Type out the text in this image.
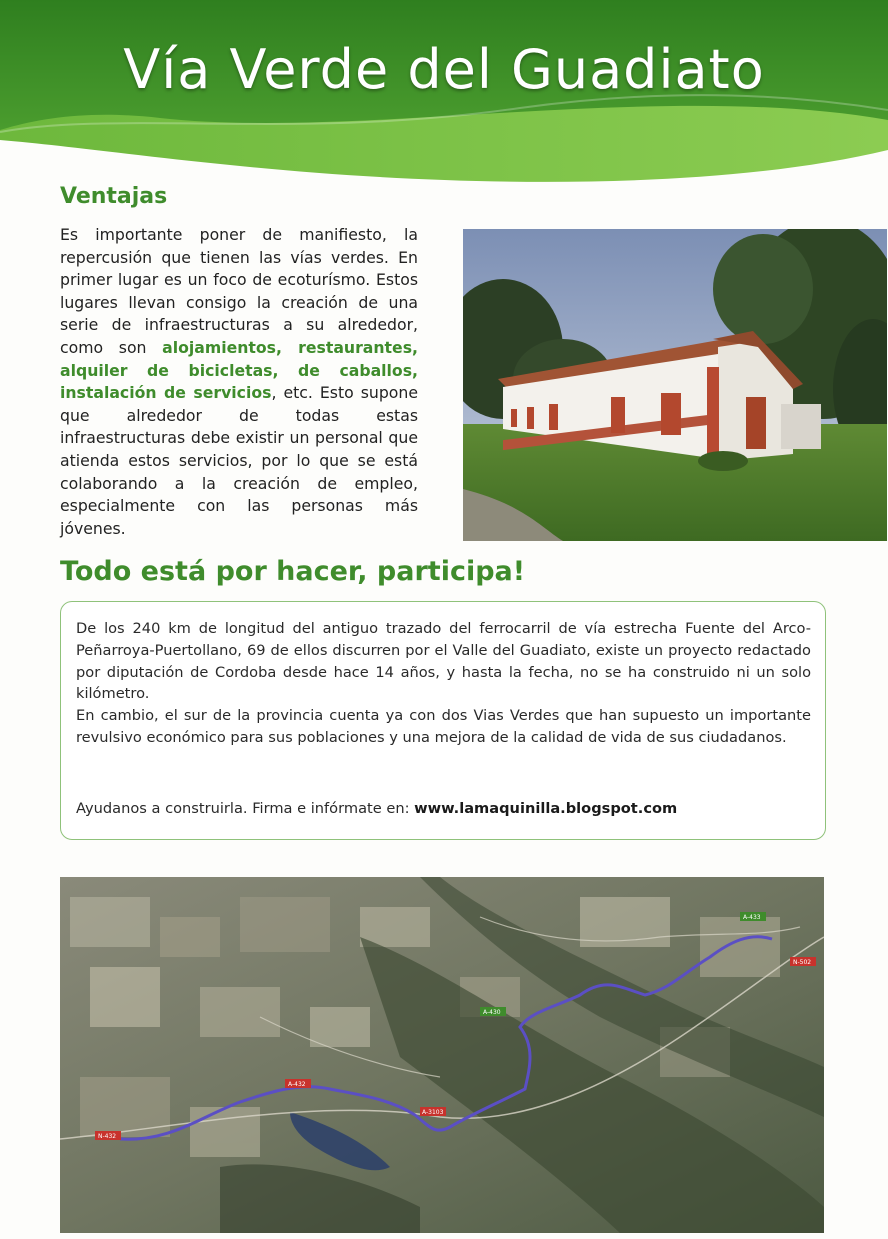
Vía Verde del Guadiato
Ventajas
Es importante poner de manifiesto, la repercusión que tienen las vías verdes. En primer lugar es un foco de ecoturísmo. Estos lugares llevan consigo la creación de una serie de infraestructuras a su alrededor, como son alojamientos, restaurantes, alquiler de bicicletas, de caballos, instalación de servicios, etc. Esto supone que alrededor de todas estas infraestructuras debe existir un personal que atienda estos servicios, por lo que se está colaborando a la creación de empleo, especialmente con las personas más jóvenes.
Todo está por hacer, participa!

De los 240 km de longitud del antiguo trazado del ferrocarril de vía estrecha Fuente del Arco-Peñarroya-Puertollano, 69 de ellos discurren por el Valle del Guadiato, existe un proyecto redactado por diputación de Cordoba desde hace 14 años, y hasta la fecha, no se ha construido ni un solo kilómetro.

En cambio, el sur de la provincia cuenta ya con dos Vias Verdes que han supuesto un importante revulsivo económico para sus poblaciones y una mejora de la calidad de vida de sus ciudadanos.

Ayudanos a construirla. Firma e infórmate en: www.lamaquinilla.blogspot.com
N-432
A-432
A-430
A-433
N-502
A-3103
